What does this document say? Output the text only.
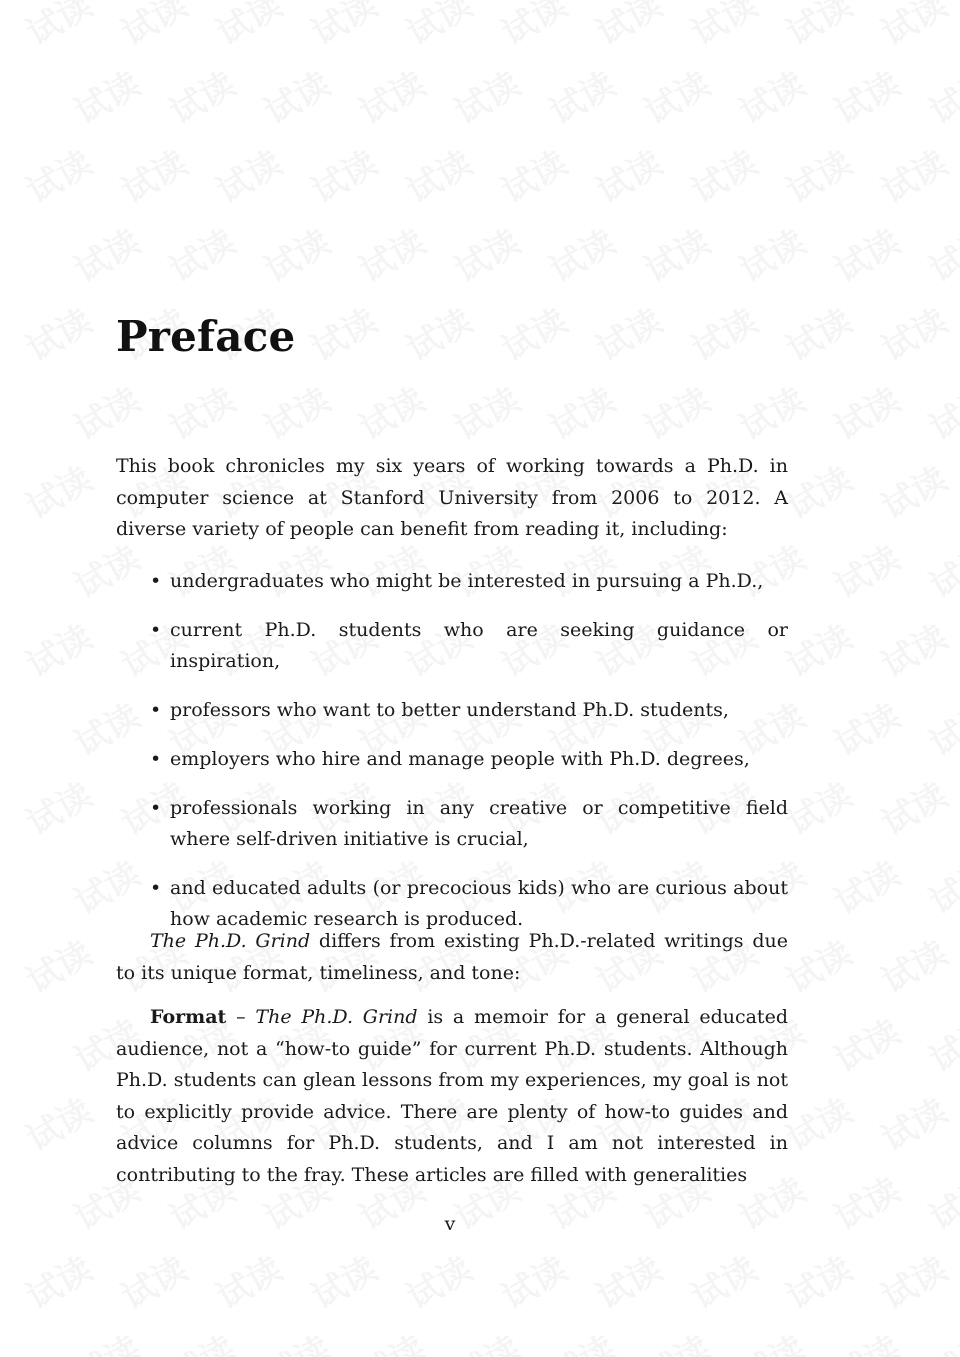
Preface

This book chronicles my six years of working towards a Ph.D. in computer science at Stanford University from 2006 to 2012. A diverse variety of people can benefit from reading it, including:

• undergraduates who might be interested in pursuing a Ph.D.,
• current Ph.D. students who are seeking guidance or inspiration,
• professors who want to better understand Ph.D. students,
• employers who hire and manage people with Ph.D. degrees,
• professionals working in any creative or competitive field where self-driven initiative is crucial,
• and educated adults (or precocious kids) who are curious about how academic research is produced.

The Ph.D. Grind differs from existing Ph.D.-related writings due to its unique format, timeliness, and tone:

Format – The Ph.D. Grind is a memoir for a general educated audience, not a “how-to guide” for current Ph.D. students. Although Ph.D. students can glean lessons from my experiences, my goal is not to explicitly provide advice. There are plenty of how-to guides and advice columns for Ph.D. students, and I am not interested in contributing to the fray. These articles are filled with generalities

v
